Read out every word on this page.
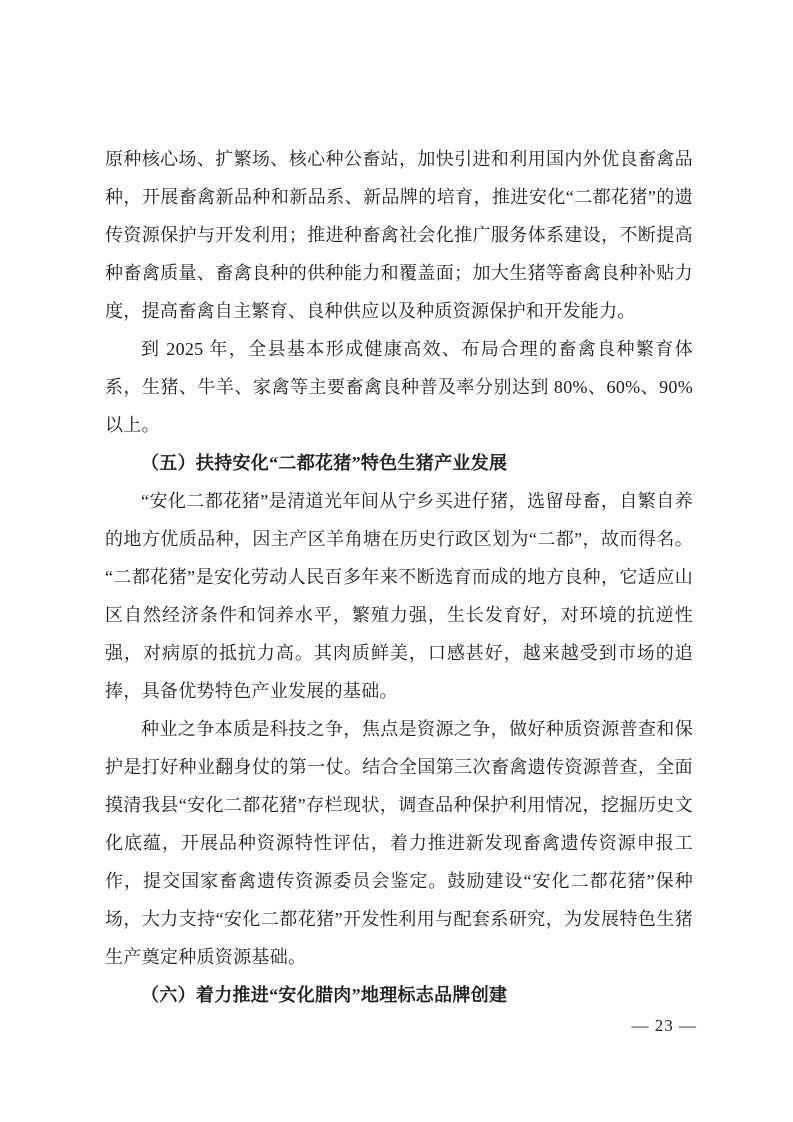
原种核心场、扩繁场、核心种公畜站，加快引进和利用国内外优良畜禽品种，开展畜禽新品种和新品系、新品牌的培育，推进安化“二都花猪”的遗传资源保护与开发利用；推进种畜禽社会化推广服务体系建设，不断提高种畜禽质量、畜禽良种的供种能力和覆盖面；加大生猪等畜禽良种补贴力度，提高畜禽自主繁育、良种供应以及种质资源保护和开发能力。

到 2025 年，全县基本形成健康高效、布局合理的畜禽良种繁育体系，生猪、牛羊、家禽等主要畜禽良种普及率分别达到 80%、60%、90%以上。

（五）扶持安化“二都花猪”特色生猪产业发展

“安化二都花猪”是清道光年间从宁乡买进仔猪，选留母畜，自繁自养的地方优质品种，因主产区羊角塘在历史行政区划为“二都”，故而得名。“二都花猪”是安化劳动人民百多年来不断选育而成的地方良种，它适应山区自然经济条件和饲养水平，繁殖力强，生长发育好，对环境的抗逆性强，对病原的抵抗力高。其肉质鲜美，口感甚好，越来越受到市场的追捧，具备优势特色产业发展的基础。

种业之争本质是科技之争，焦点是资源之争，做好种质资源普查和保护是打好种业翻身仗的第一仗。结合全国第三次畜禽遗传资源普查，全面摸清我县“安化二都花猪”存栏现状，调查品种保护利用情况，挖掘历史文化底蕴，开展品种资源特性评估，着力推进新发现畜禽遗传资源申报工作，提交国家畜禽遗传资源委员会鉴定。鼓励建设“安化二都花猪”保种场，大力支持“安化二都花猪”开发性利用与配套系研究，为发展特色生猪生产奠定种质资源基础。

（六）着力推进“安化腊肉”地理标志品牌创建
— 23 —
